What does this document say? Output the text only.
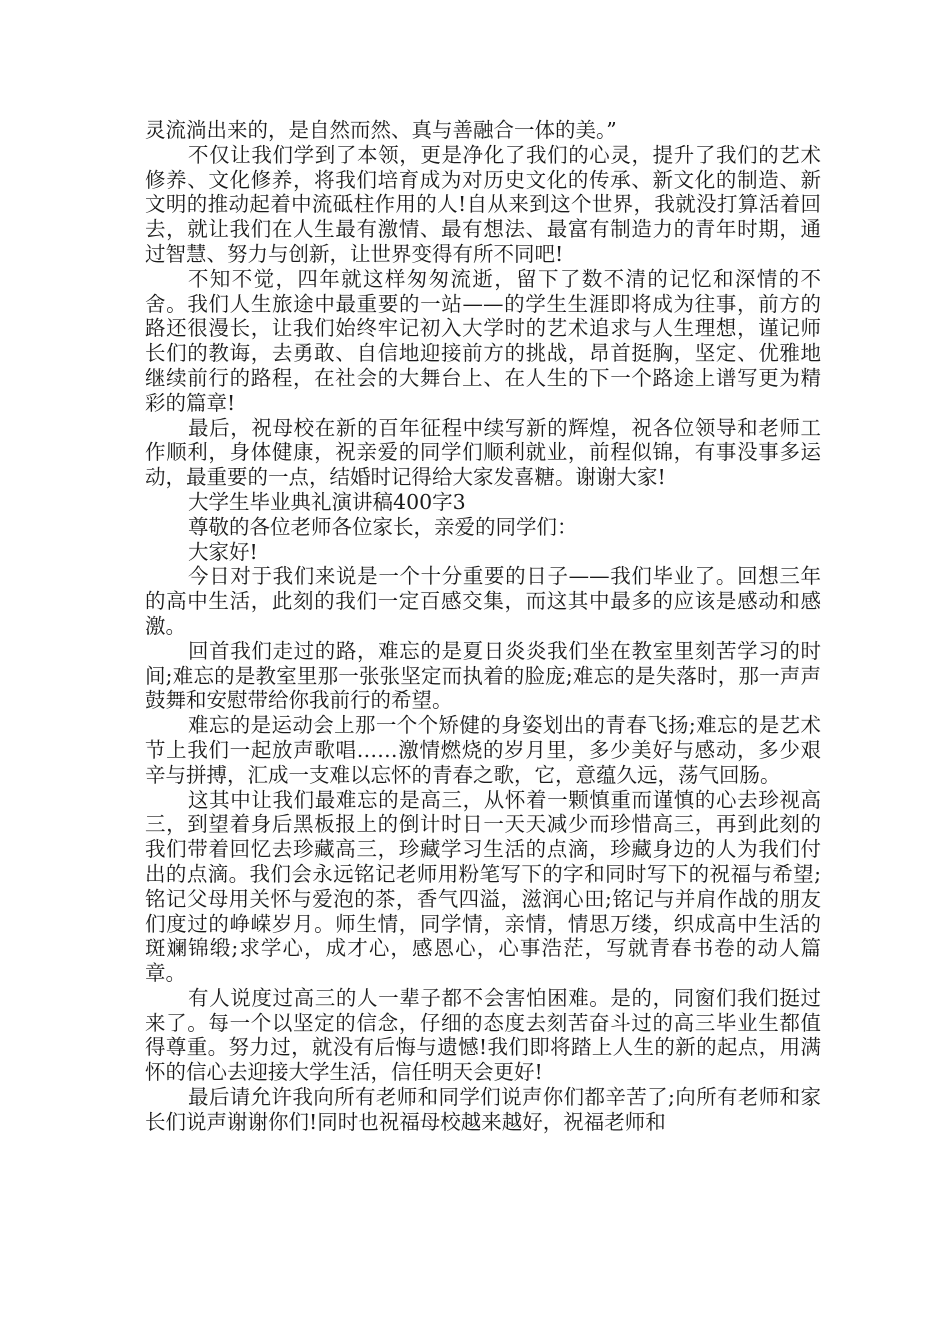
灵流淌出来的，是自然而然、真与善融合一体的美。”

不仅让我们学到了本领，更是净化了我们的心灵，提升了我们的艺术修养、文化修养，将我们培育成为对历史文化的传承、新文化的制造、新文明的推动起着中流砥柱作用的人!自从来到这个世界，我就没打算活着回去，就让我们在人生最有激情、最有想法、最富有制造力的青年时期，通过智慧、努力与创新，让世界变得有所不同吧!

不知不觉，四年就这样匆匆流逝，留下了数不清的记忆和深情的不舍。我们人生旅途中最重要的一站——的学生生涯即将成为往事，前方的路还很漫长，让我们始终牢记初入大学时的艺术追求与人生理想，谨记师长们的教诲，去勇敢、自信地迎接前方的挑战，昂首挺胸，坚定、优雅地继续前行的路程，在社会的大舞台上、在人生的下一个路途上谱写更为精彩的篇章!

最后，祝母校在新的百年征程中续写新的辉煌，祝各位领导和老师工作顺利，身体健康，祝亲爱的同学们顺利就业，前程似锦，有事没事多运动，最重要的一点，结婚时记得给大家发喜糖。谢谢大家!

大学生毕业典礼演讲稿400字3

尊敬的各位老师各位家长，亲爱的同学们：

大家好!

今日对于我们来说是一个十分重要的日子——我们毕业了。回想三年的高中生活，此刻的我们一定百感交集，而这其中最多的应该是感动和感激。

回首我们走过的路，难忘的是夏日炎炎我们坐在教室里刻苦学习的时间;难忘的是教室里那一张张坚定而执着的脸庞;难忘的是失落时，那一声声鼓舞和安慰带给你我前行的希望。

难忘的是运动会上那一个个矫健的身姿划出的青春飞扬;难忘的是艺术节上我们一起放声歌唱……激情燃烧的岁月里，多少美好与感动，多少艰辛与拼搏，汇成一支难以忘怀的青春之歌，它，意蕴久远，荡气回肠。

这其中让我们最难忘的是高三，从怀着一颗慎重而谨慎的心去珍视高三，到望着身后黑板报上的倒计时日一天天减少而珍惜高三，再到此刻的我们带着回忆去珍藏高三，珍藏学习生活的点滴，珍藏身边的人为我们付出的点滴。我们会永远铭记老师用粉笔写下的字和同时写下的祝福与希望;铭记父母用关怀与爱泡的茶，香气四溢，滋润心田;铭记与并肩作战的朋友们度过的峥嵘岁月。师生情，同学情，亲情，情思万缕，织成高中生活的斑斓锦缎;求学心，成才心，感恩心，心事浩茫，写就青春书卷的动人篇章。

有人说度过高三的人一辈子都不会害怕困难。是的，同窗们我们挺过来了。每一个以坚定的信念，仔细的态度去刻苦奋斗过的高三毕业生都值得尊重。努力过，就没有后悔与遗憾!我们即将踏上人生的新的起点，用满怀的信心去迎接大学生活，信任明天会更好!

最后请允许我向所有老师和同学们说声你们都辛苦了;向所有老师和家长们说声谢谢你们!同时也祝福母校越来越好，祝福老师和
